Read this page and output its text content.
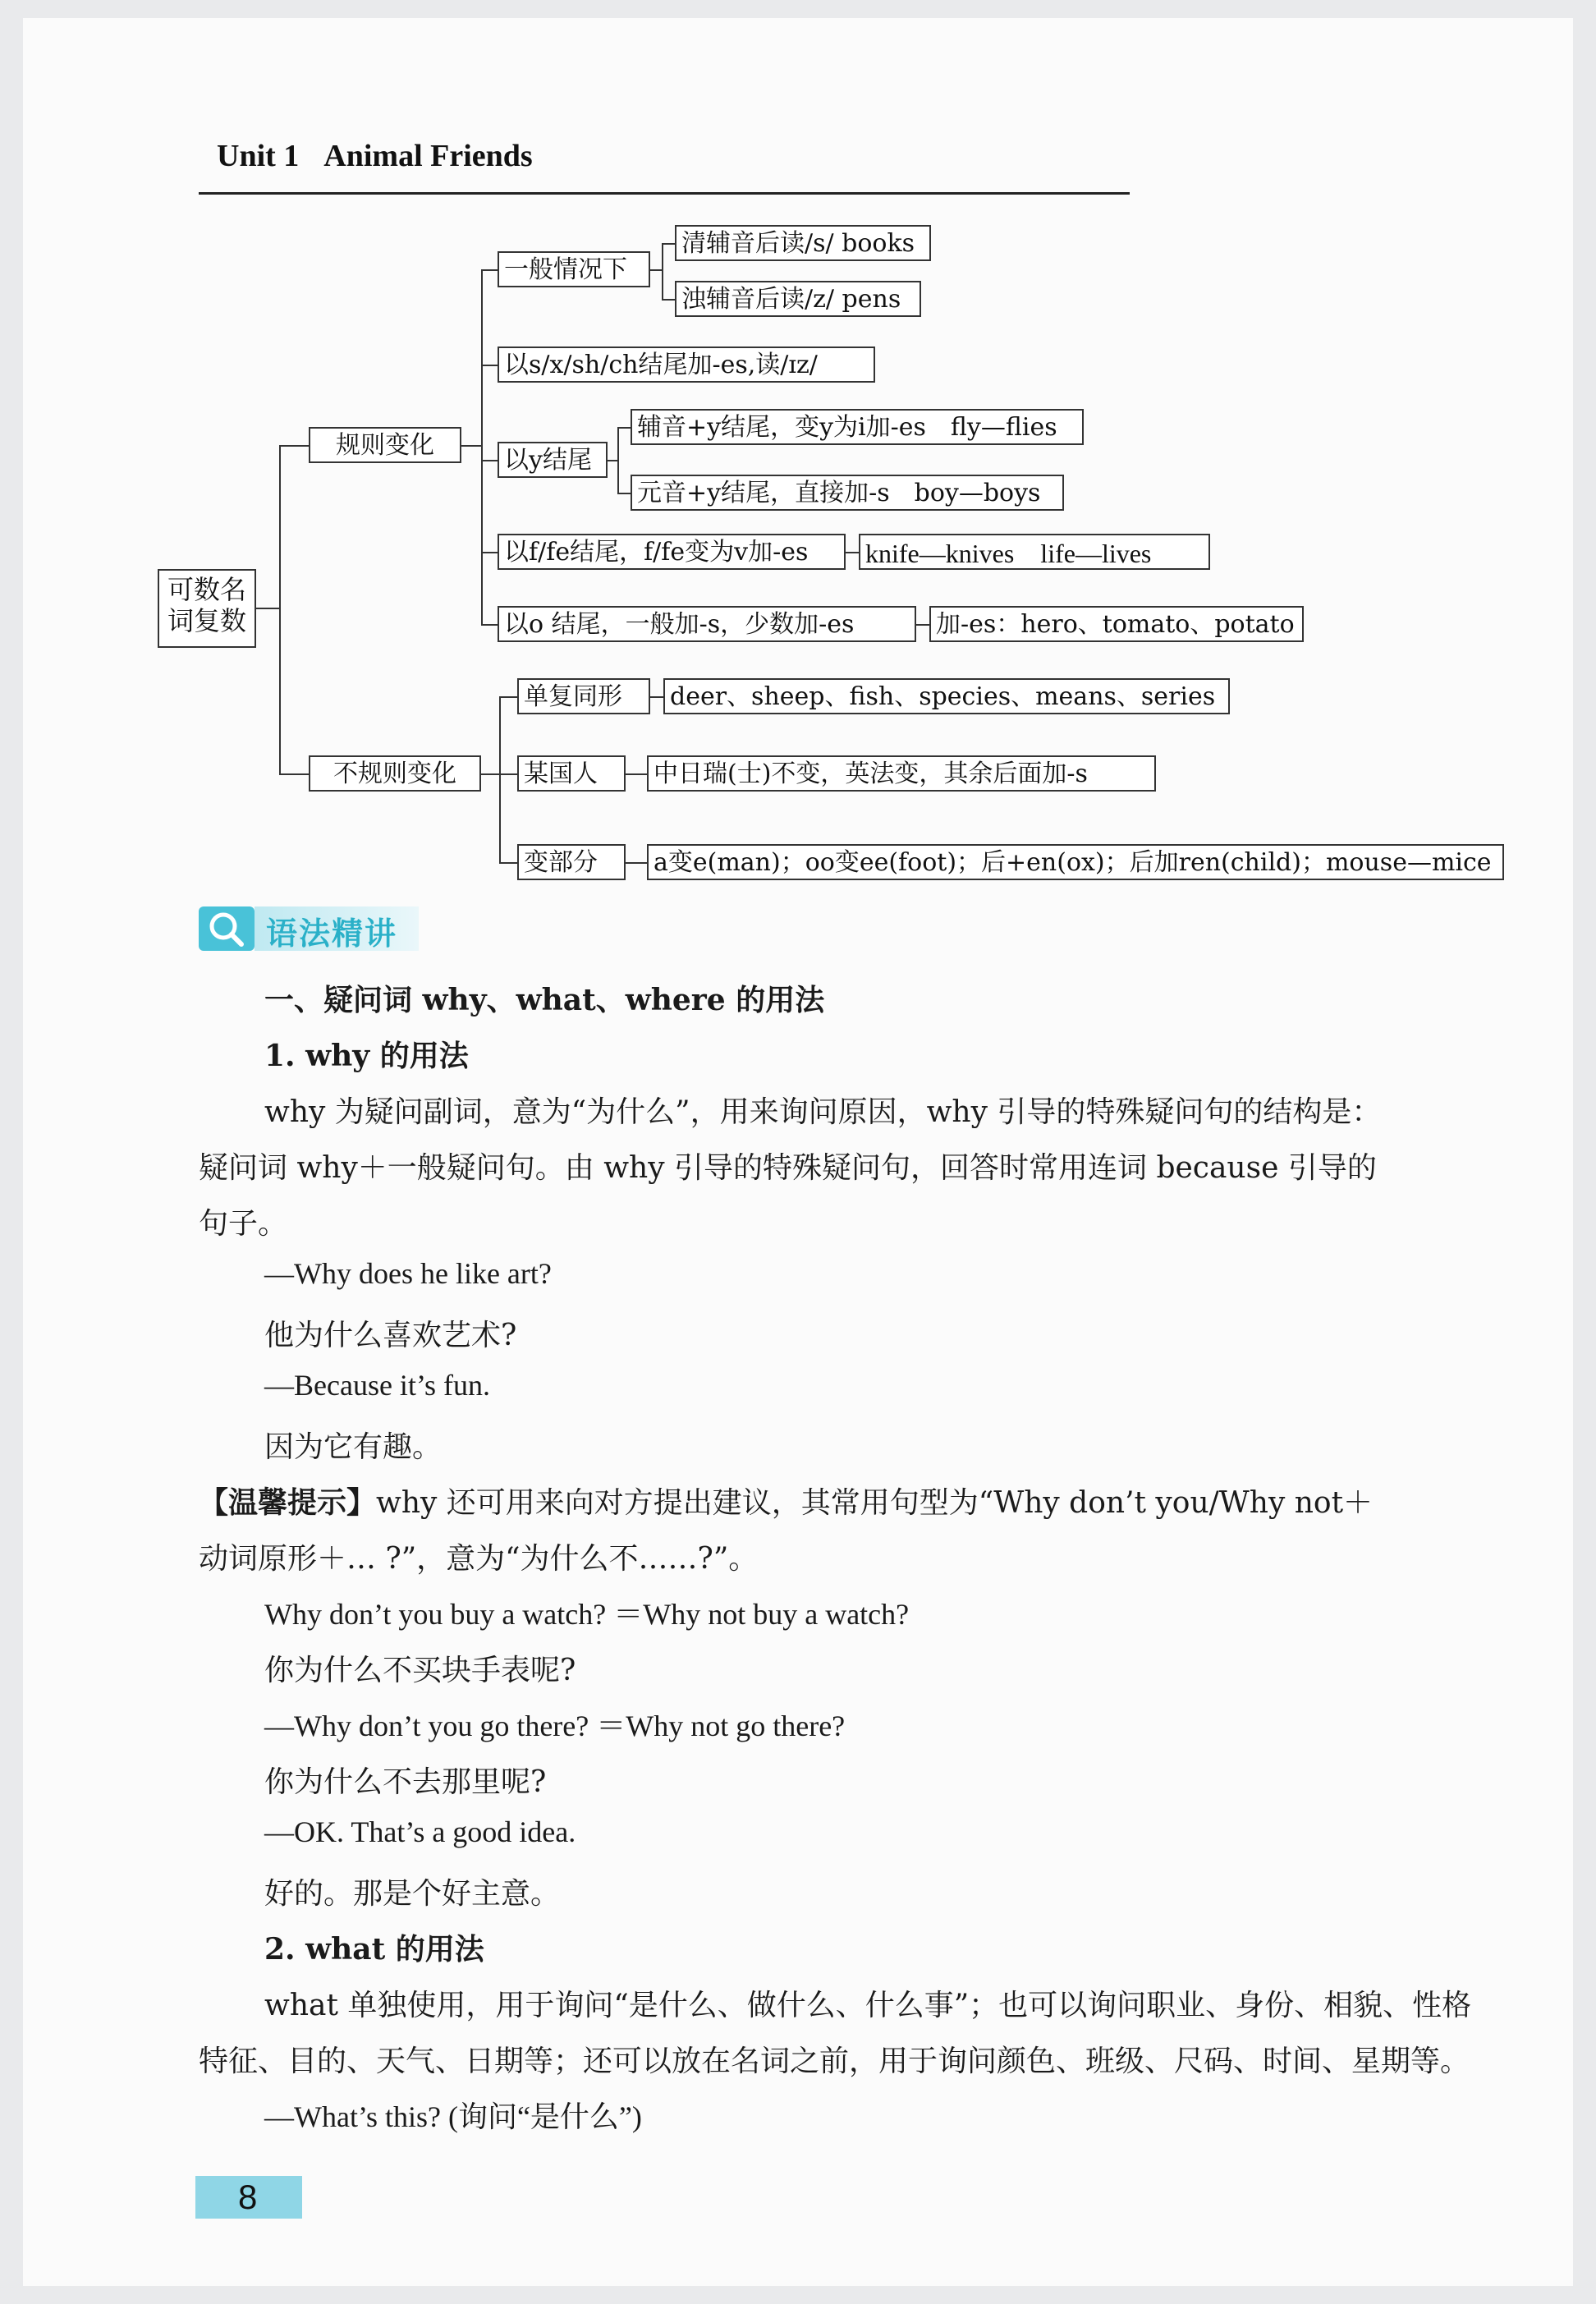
Unit 1 Animal Friends
可数名词复数
规则变化
一般情况下
清辅音后读/s/ books
浊辅音后读/z/ pens
以s/x/sh/ch结尾加-es,读/ɪz/
以y结尾
辅音+y结尾，变y为i加-es　fly—flies
元音+y结尾，直接加-s　boy—boys
以f/fe结尾，f/fe变为v加-es	knife—knives　life—lives
以o 结尾，一般加-s，少数加-es	加-es：hero、tomato、potato
不规则变化
单复同形	deer、sheep、fish、species、means、series
某国人	中日瑞(士)不变，英法变，其余后面加-s
变部分	a变e(man)；oo变ee(foot)；后+en(ox)；后加ren(child)；mouse—mice
语法精讲
一、疑问词 why、what、where 的用法
1. why 的用法
why 为疑问副词，意为“为什么”，用来询问原因，why 引导的特殊疑问句的结构是：
疑问词 why＋一般疑问句。由 why 引导的特殊疑问句，回答时常用连词 because 引导的
句子。
—Why does he like art?
他为什么喜欢艺术?
—Because it’s fun.
因为它有趣。
【温馨提示】why 还可用来向对方提出建议，其常用句型为“Why don’t you/Why not＋
动词原形＋… ?”，意为“为什么不……?”。
Why don’t you buy a watch? ＝Why not buy a watch?
你为什么不买块手表呢?
—Why don’t you go there? ＝Why not go there?
你为什么不去那里呢?
—OK. That’s a good idea.
好的。那是个好主意。
2. what 的用法
what 单独使用，用于询问“是什么、做什么、什么事”；也可以询问职业、身份、相貌、性格
特征、目的、天气、日期等；还可以放在名词之前，用于询问颜色、班级、尺码、时间、星期等。
—What’s this? (询问“是什么”)
8
